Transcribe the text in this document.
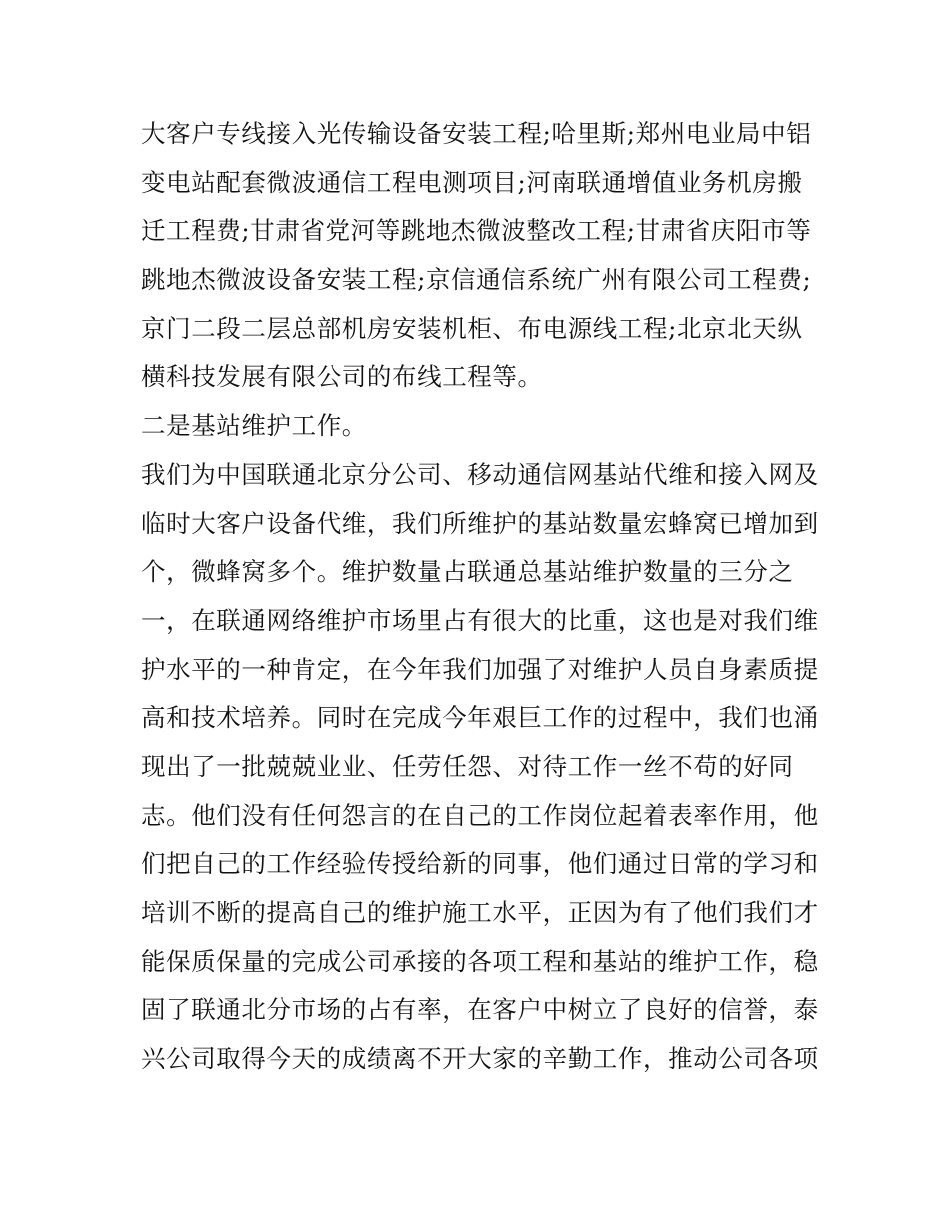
大客户专线接入光传输设备安装工程;哈里斯;郑州电业局中铝
变电站配套微波通信工程电测项目;河南联通增值业务机房搬
迁工程费;甘肃省党河等跳地杰微波整改工程;甘肃省庆阳市等
跳地杰微波设备安装工程;京信通信系统广州有限公司工程费;
京门二段二层总部机房安装机柜、布电源线工程;北京北天纵
横科技发展有限公司的布线工程等。
二是基站维护工作。
我们为中国联通北京分公司、移动通信网基站代维和接入网及
临时大客户设备代维，我们所维护的基站数量宏蜂窝已增加到
个，微蜂窝多个。维护数量占联通总基站维护数量的三分之
一，在联通网络维护市场里占有很大的比重，这也是对我们维
护水平的一种肯定，在今年我们加强了对维护人员自身素质提
高和技术培养。同时在完成今年艰巨工作的过程中，我们也涌
现出了一批兢兢业业、任劳任怨、对待工作一丝不苟的好同
志。他们没有任何怨言的在自己的工作岗位起着表率作用，他
们把自己的工作经验传授给新的同事，他们通过日常的学习和
培训不断的提高自己的维护施工水平，正因为有了他们我们才
能保质保量的完成公司承接的各项工程和基站的维护工作，稳
固了联通北分市场的占有率，在客户中树立了良好的信誉，泰
兴公司取得今天的成绩离不开大家的辛勤工作，推动公司各项
